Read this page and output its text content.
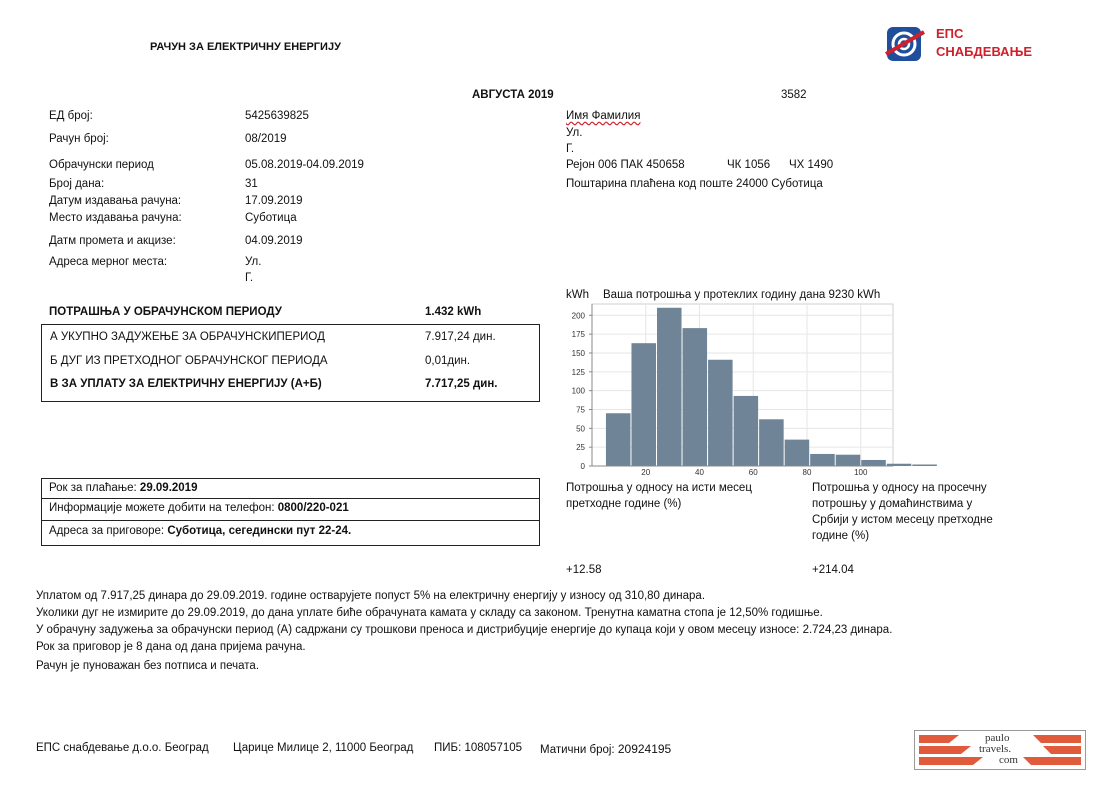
РАЧУН ЗА ЕЛЕКТРИЧНУ ЕНЕРГИЈУ
ЕПС
СНАБДЕВАЊЕ
АВГУСТА 2019	3582
ЕД број:	5425639825
Рачун број:	08/2019
Обрачунски период	05.08.2019-04.09.2019
Број дана:	31
Датум издавања рачуна:	17.09.2019
Место издавања рачуна:	Суботица
Датм промета и акцизе:	04.09.2019
Адреса мерног места:	Ул.
Г.
Имя Фамилия
Ул.
Г.
Рејон 006 ПАК 450658	ЧК 1056 ЧХ 1490
Поштарина плаћена код поште 24000 Суботица
ПОТРАШЊА У ОБРАЧУНСКОМ ПЕРИОДУ	1.432 kWh
А УКУПНО ЗАДУЖЕЊЕ ЗА ОБРАЧУНСКИПЕРИОД	7.917,24 дин.
Б ДУГ ИЗ ПРЕТХОДНОГ ОБРАЧУНСКОГ ПЕРИОДА	0,01дин.
В ЗА УПЛАТУ ЗА ЕЛЕКТРИЧНУ ЕНЕРГИЈУ (А+Б)	7.717,25 дин.
kWh Ваша потрошња у протеклих годину дана 9230 kWh
0
25
50
75
100
125
150
175
200
20	40	60	80	100
Рок за плаћање: 29.09.2019
Информације можете добити на телефон: 0800/220-021
Адреса за приговоре: Суботица, сегедински пут 22-24.
Потрошња у односу на исти месец
претходне године (%)
+12.58
Потрошња у односу на просечну
потрошњу у домаћинствима у
Србији у истом месецу претходне
године (%)
+214.04
Уплатом од 7.917,25 динара до 29.09.2019. године остварујете попуст 5% на електричну енергију у износу од 310,80 динара.
Уколики дуг не измирите до 29.09.2019, до дана уплате биће обрачуната камата у складу са законом. Тренутна каматна стопа је 12,50% годишње.
У обрачуну задужења за обрачунски период (А) садржани су трошкови преноса и дистрибуције енергије до купаца који у овом месецу износе: 2.724,23 динара.
Рок за приговор је 8 дана од дана пријема рачуна.
Рачун је пуноважан без потписа и печата.
ЕПС снабдевање д.о.о. Београд Царице Милице 2, 11000 Београд ПИБ: 108057105 Матични број: 20924195
paulo
travels.
com
